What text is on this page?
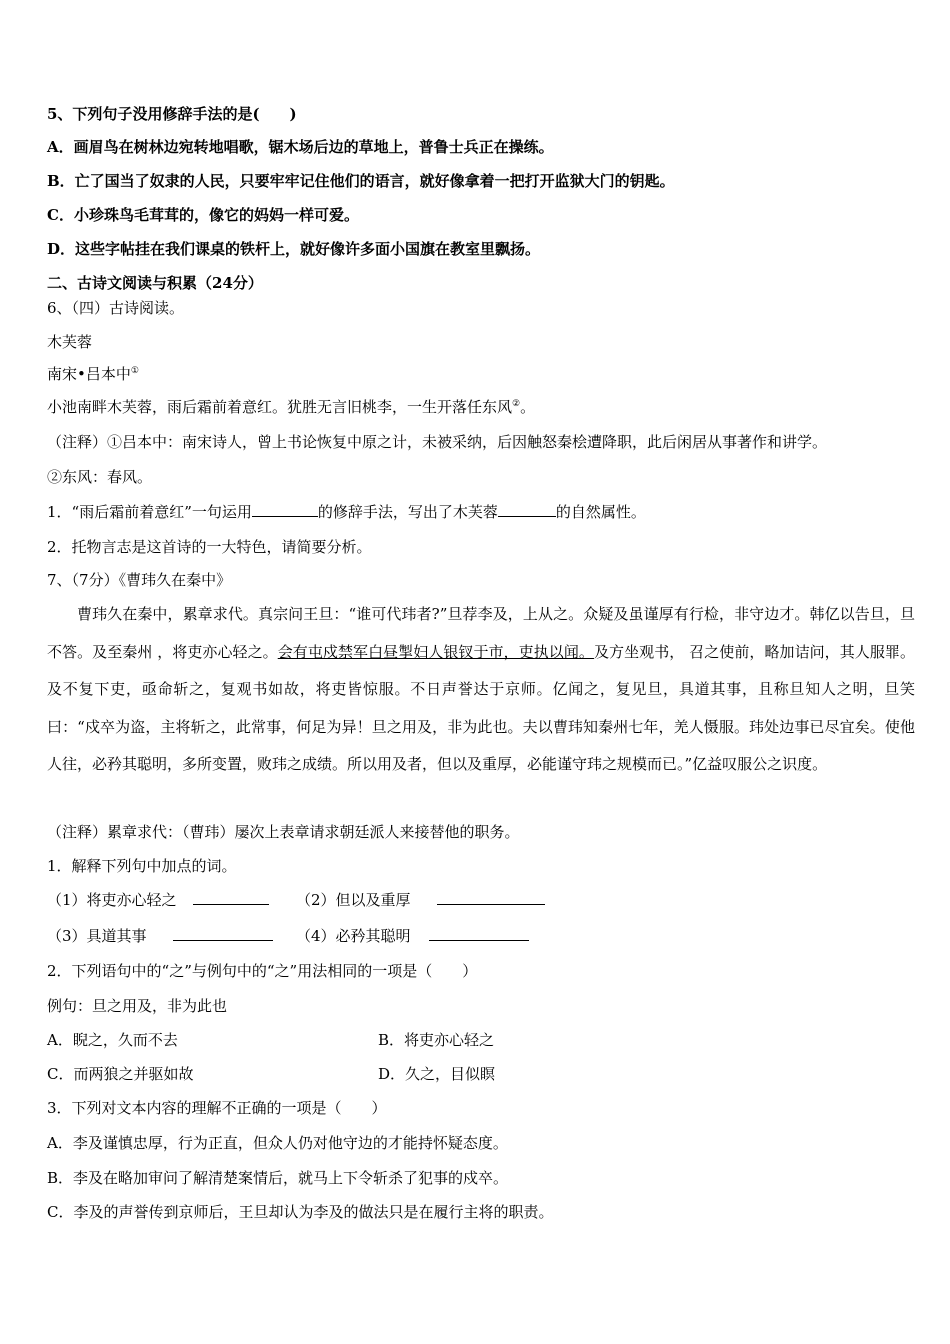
5、下列句子没用修辞手法的是(　　)
A．画眉鸟在树林边宛转地唱歌，锯木场后边的草地上，普鲁士兵正在操练。
B．亡了国当了奴隶的人民，只要牢牢记住他们的语言，就好像拿着一把打开监狱大门的钥匙。
C．小珍珠鸟毛茸茸的，像它的妈妈一样可爱。
D．这些字帖挂在我们课桌的铁杆上，就好像许多面小国旗在教室里飘扬。
二、古诗文阅读与积累（24分）
6、（四）古诗阅读。
木芙蓉
南宋•吕本中①
小池南畔木芙蓉，雨后霜前着意红。犹胜无言旧桃李，一生开落任东风②。
（注释）①吕本中：南宋诗人，曾上书论恢复中原之计，未被采纳，后因触怒秦桧遭降职，此后闲居从事著作和讲学。
②东风：春风。
1．“雨后霜前着意红”一句运用	的修辞手法，写出了木芙蓉	的自然属性。
2．托物言志是这首诗的一大特色，请简要分析。
7、（7分）《曹玮久在秦中》
曹玮久在秦中，累章求代。真宗问王旦：“谁可代玮者?”旦荐李及，上从之。众疑及虽谨厚有行检，非守边才。韩亿以告旦，旦不答。及至秦州 ，将吏亦心轻之。会有屯戍禁军白昼掣妇人银钗于市，吏执以闻。及方坐观书， 召之使前，略加诘问，其人服罪。及不复下吏，亟命斩之，复观书如故，将吏皆惊服。不日声誉达于京师。亿闻之，复见旦，具道其事，且称旦知人之明，旦笑曰：“戍卒为盗，主将斩之，此常事，何足为异！旦之用及，非为此也。夫以曹玮知秦州七年，羌人慑服。玮处边事已尽宜矣。使他人往，必矜其聪明，多所变置，败玮之成绩。所以用及者，但以及重厚，必能谨守玮之规模而已。”亿益叹服公之识度。
（注释）累章求代：（曹玮）屡次上表章请求朝廷派人来接替他的职务。
1．解释下列句中加点的词。
（1）将吏亦心轻之	（2）但以及重厚
（3）具道其事	（4）必矜其聪明
2．下列语句中的“之”与例句中的“之”用法相同的一项是（　　）
例句：旦之用及，非为此也
A．睨之，久而不去	B．将吏亦心轻之
C．而两狼之并驱如故	D．久之，目似瞑
3．下列对文本内容的理解不正确的一项是（　　）
A．李及谨慎忠厚，行为正直，但众人仍对他守边的才能持怀疑态度。
B．李及在略加审问了解清楚案情后，就马上下令斩杀了犯事的戍卒。
C．李及的声誉传到京师后，王旦却认为李及的做法只是在履行主将的职责。
